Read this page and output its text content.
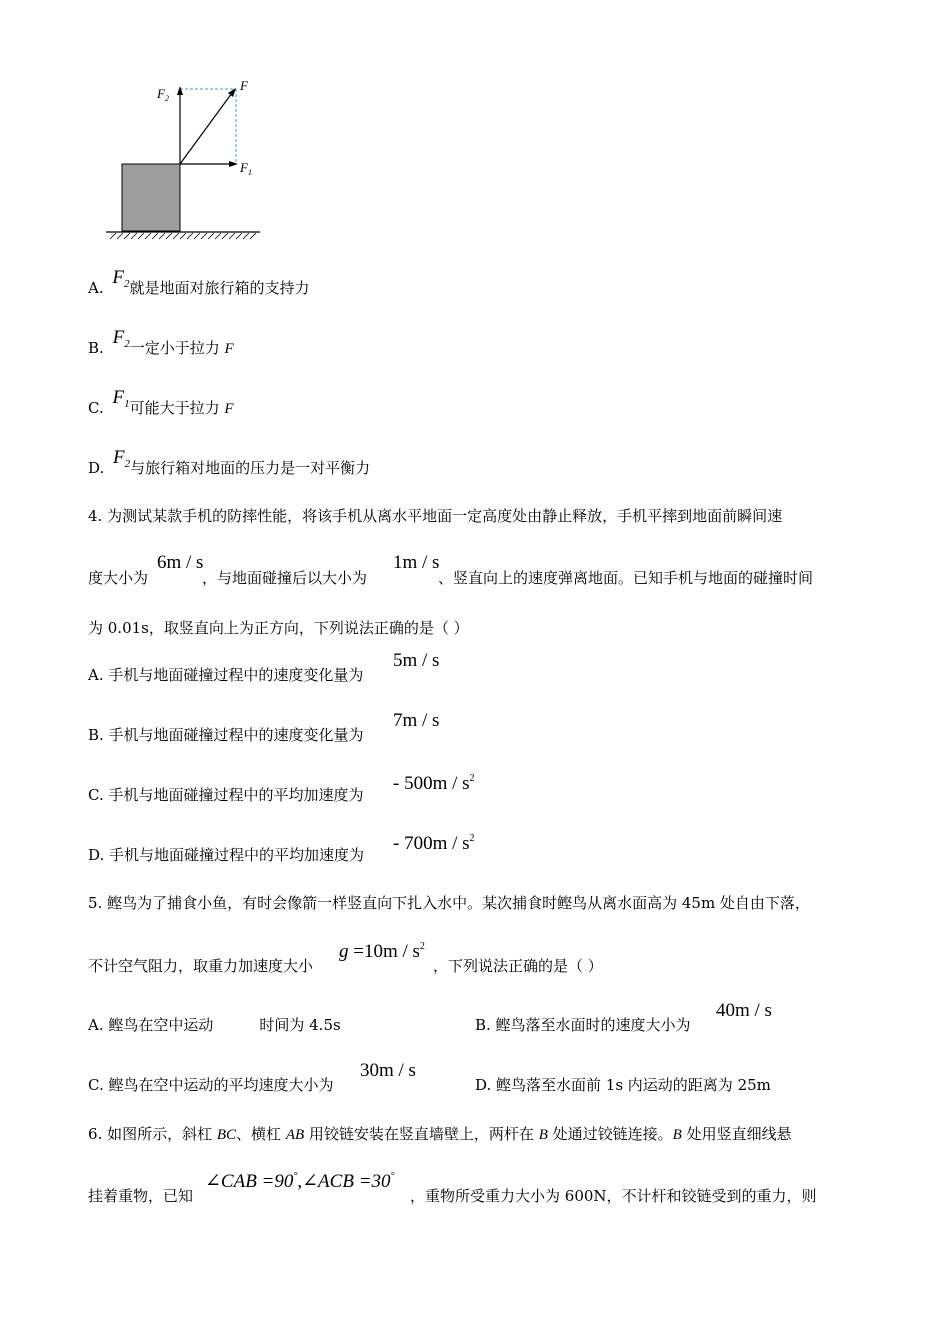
$F_2$
F
$F_1$
A. $F_2$就是地面对旅行箱的支持力
B. $F_2$一定小于拉力 F
C. $F_1$可能大于拉力 F
D. $F_2$与旅行箱对地面的压力是一对平衡力
4. 为测试某款手机的防摔性能，将该手机从离水平地面一定高度处由静止释放，手机平摔到地面前瞬间速
度大小为
6m / s
，与地面碰撞后以大小为
1m / s
、竖直向上的速度弹离地面。已知手机与地面的碰撞时间
为 0.01s，取竖直向上为正方向，下列说法正确的是（ ）
A. 手机与地面碰撞过程中的速度变化量为
5m / s
B. 手机与地面碰撞过程中的速度变化量为
7m / s
C. 手机与地面碰撞过程中的平均加速度为
- $500m / s^2$
D. 手机与地面碰撞过程中的平均加速度为
- $700m / s^2$
5. 鲣鸟为了捕食小鱼，有时会像箭一样竖直向下扎入水中。某次捕食时鲣鸟从离水面高为 45m 处自由下落，
不计空气阻力，取重力加速度大小
$g =10m / s^2$
，下列说法正确的是（ ）
A. 鲣鸟在空中运动	时间为 4.5s	B. 鲣鸟落至水面时的速度大小为
40m / s
C. 鲣鸟在空中运动的平均速度大小为
30m / s
D. 鲣鸟落至水面前 1s 内运动的距离为 25m
6. 如图所示，斜杠 BC、横杠 AB 用铰链安装在竖直墙壁上，两杆在 B 处通过铰链连接。B 处用竖直细线悬
挂着重物，已知
∠CAB =90°,∠ACB =30°
，重物所受重力大小为 600N，不计杆和铰链受到的重力，则
